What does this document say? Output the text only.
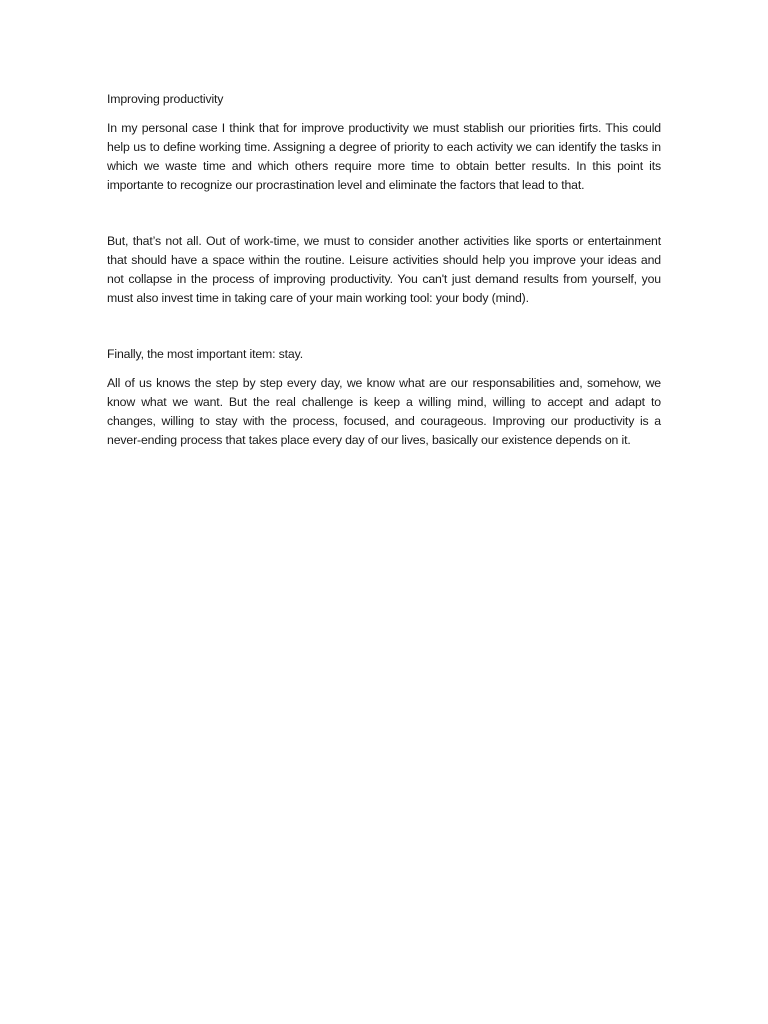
Improving productivity

In my personal case I think that for improve productivity we must stablish our priorities firts. This could help us to define working time. Assigning a degree of priority to each activity we can identify the tasks in which we waste time and which others require more time to obtain better results. In this point its importante to recognize our procrastination level and eliminate the factors that lead to that.

But, that’s not all. Out of work-time, we must to consider another activities like sports or entertainment that should have a space within the routine. Leisure activities should help you improve your ideas and not collapse in the process of improving productivity. You can't just demand results from yourself, you must also invest time in taking care of your main working tool: your body (mind).

Finally, the most important item: stay.

All of us knows the step by step every day, we know what are our responsabilities and, somehow, we know what we want. But the real challenge is keep a willing mind, willing to accept and adapt to changes, willing to stay with the process, focused, and courageous. Improving our productivity is a never-ending process that takes place every day of our lives, basically our existence depends on it.
